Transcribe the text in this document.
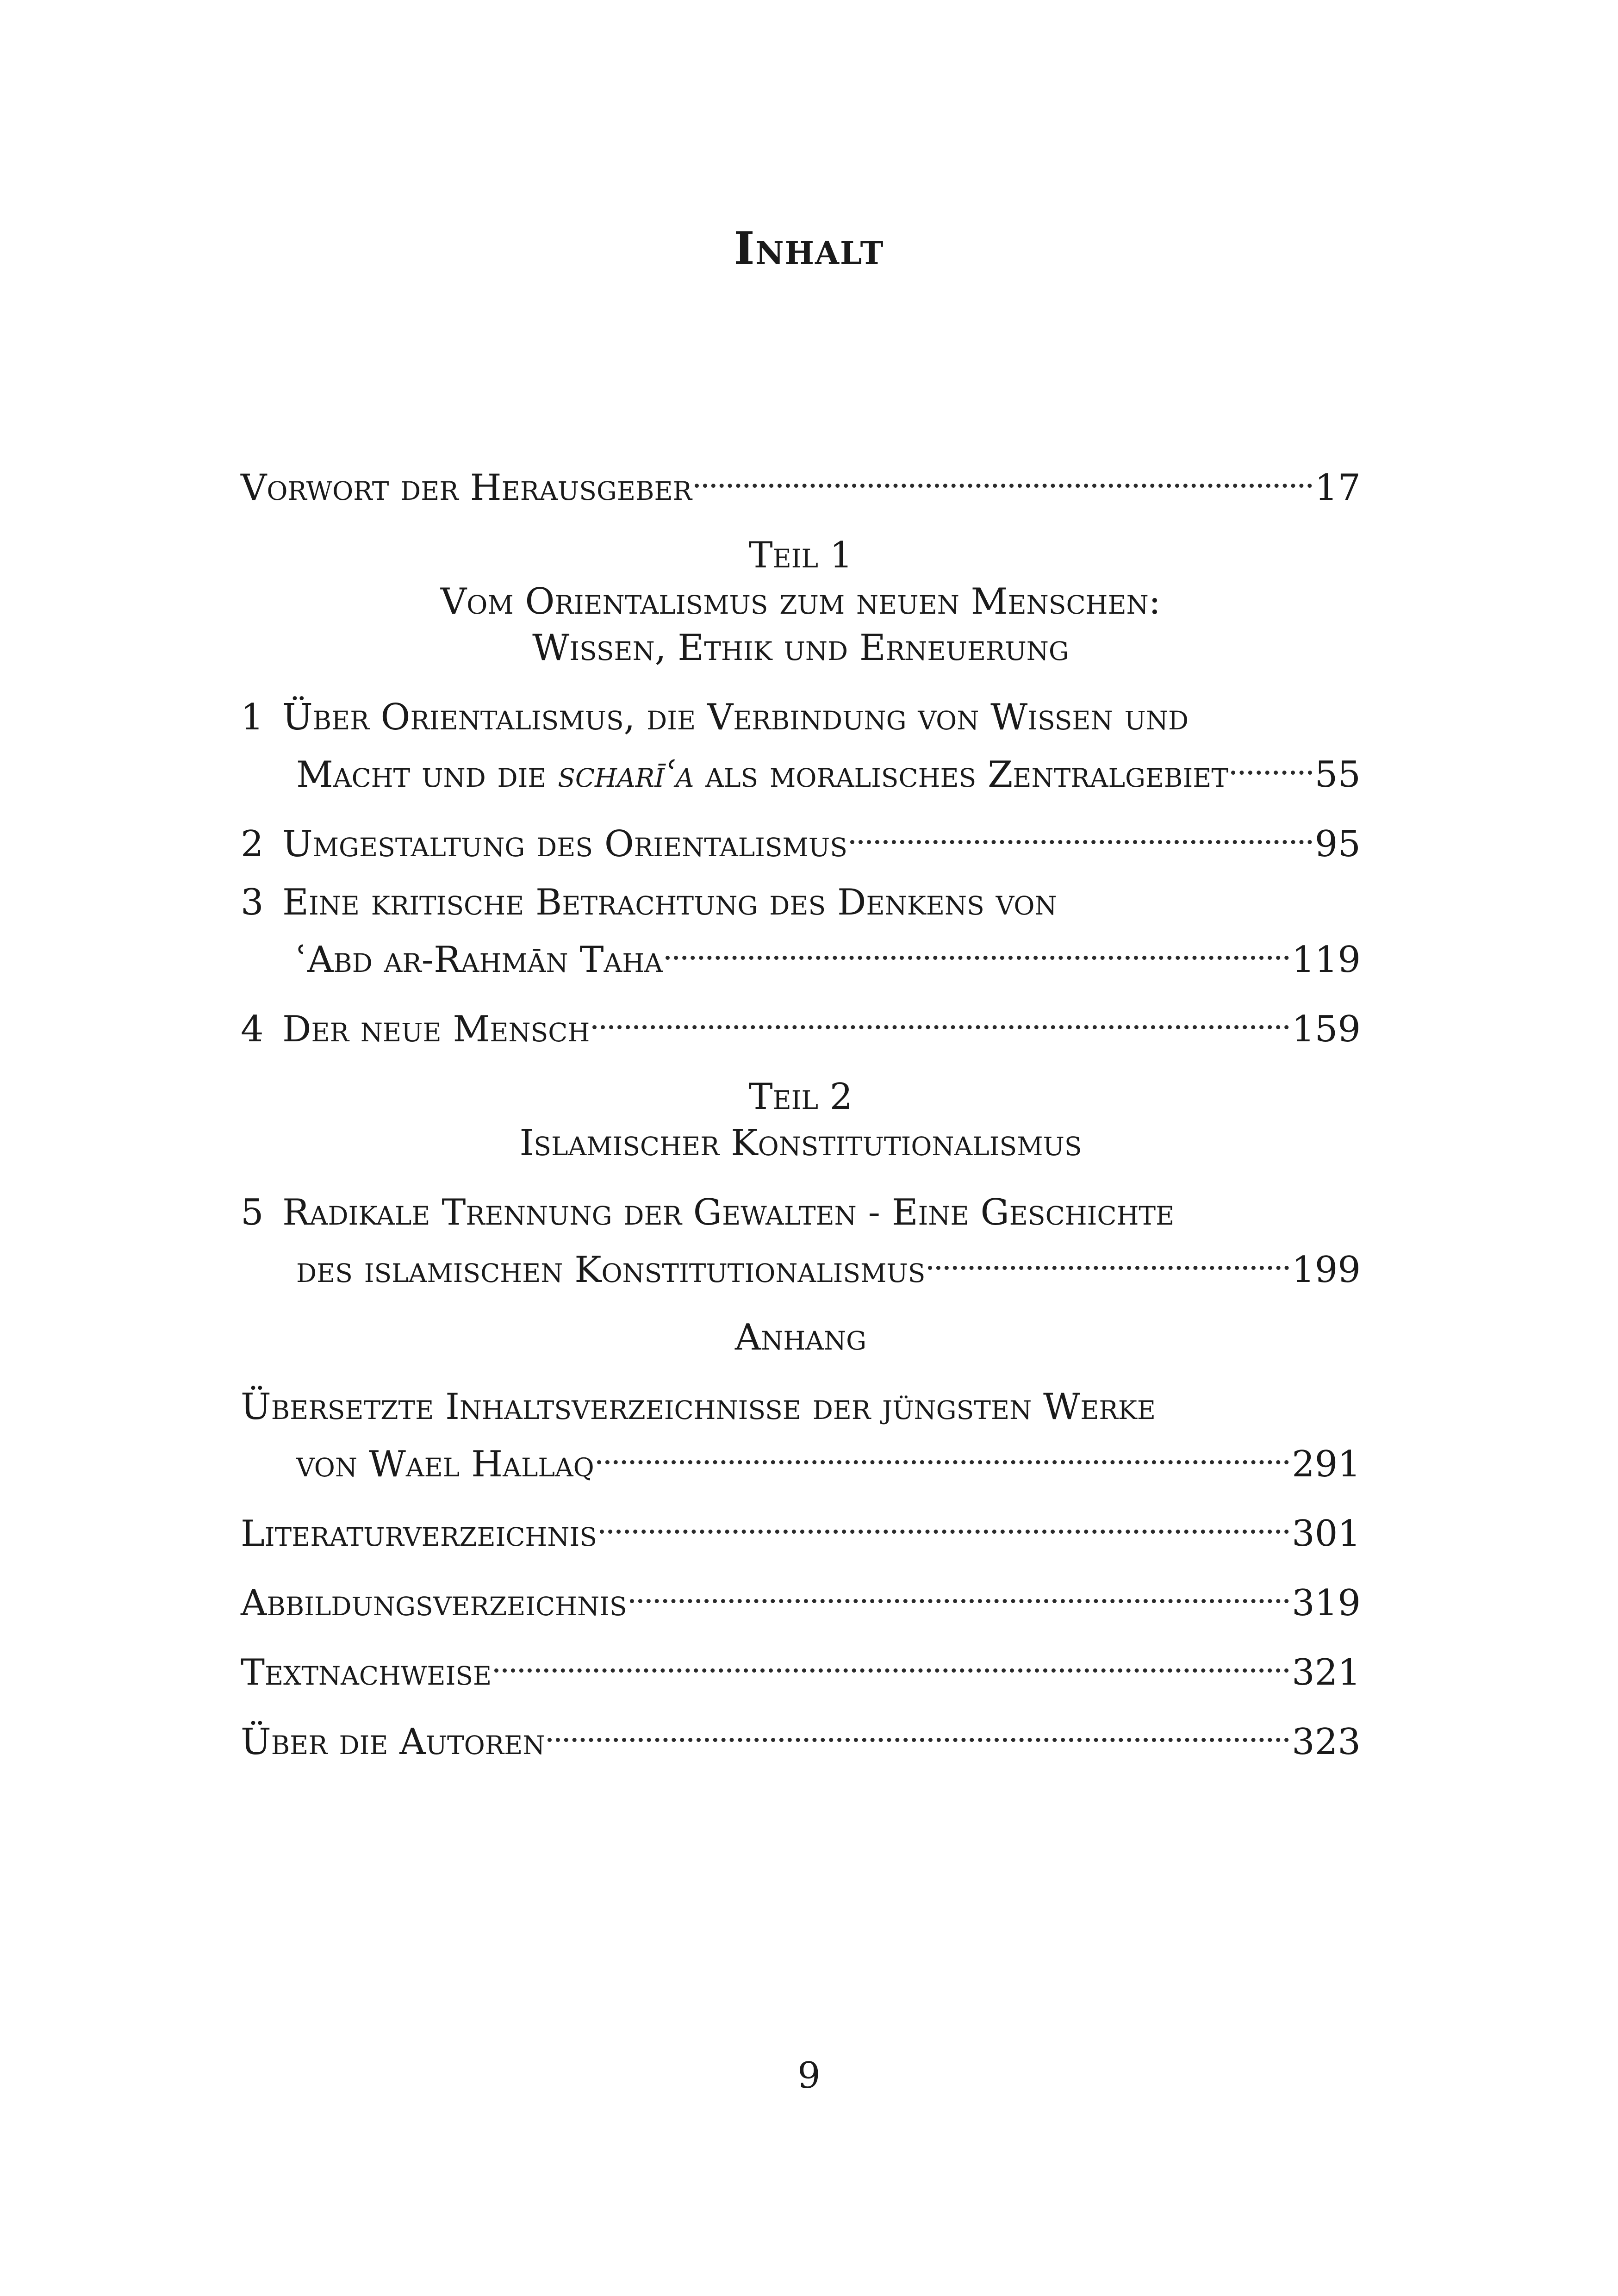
Inhalt
Vorwort der Herausgeber	17
Teil 1
Vom Orientalismus zum neuen Menschen:
Wissen, Ethik und Erneuerung
1 Über Orientalismus, die Verbindung von Wissen und
Macht und die scharīʿa als moralisches Zentralgebiet 55
2 Umgestaltung des Orientalismus	95
3 Eine kritische Betrachtung des Denkens von
ʿAbd ar-Rahmān Taha	119
4 Der neue Mensch	159
Teil 2
Islamischer Konstitutionalismus
5 Radikale Trennung der Gewalten - Eine Geschichte
des islamischen Konstitutionalismus	199
Anhang
Übersetzte Inhaltsverzeichnisse der jüngsten Werke
von Wael Hallaq	291
Literaturverzeichnis	301
Abbildungsverzeichnis	319
Textnachweise	321
Über die Autoren	323
9
